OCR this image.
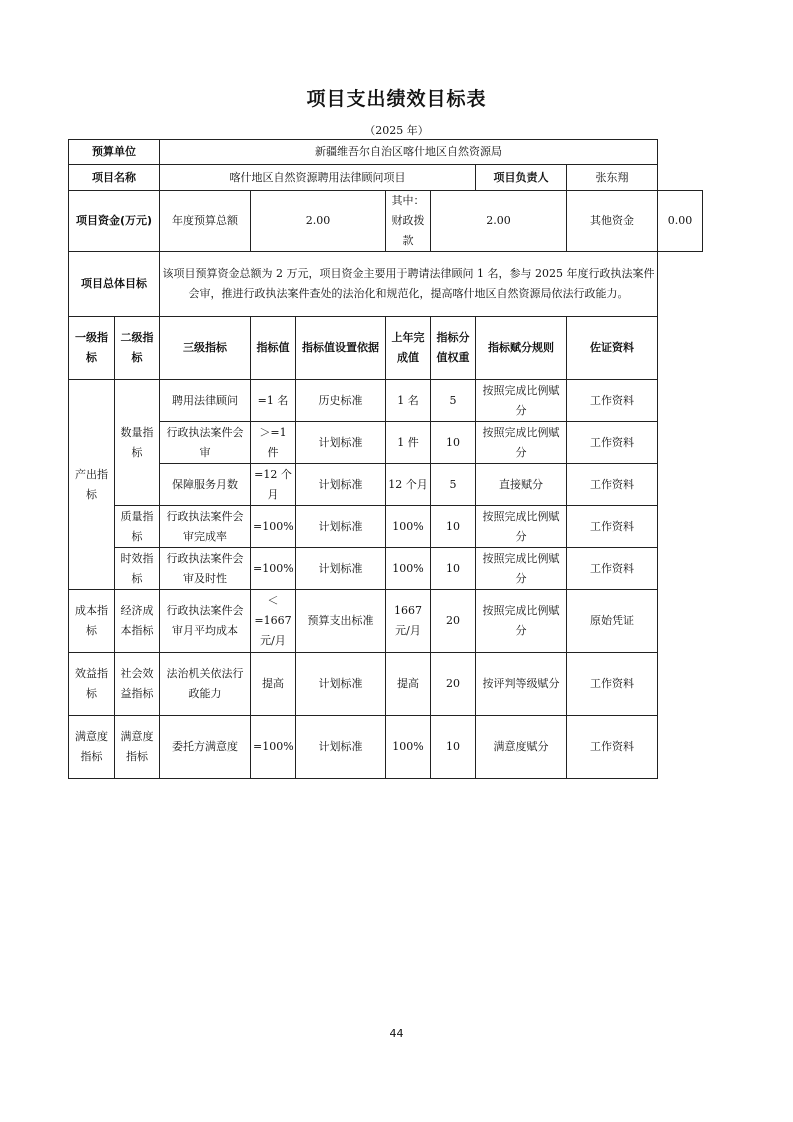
项目支出绩效目标表
（2025 年）
预算单位		新疆维吾尔自治区喀什地区自然资源局							
项目名称		喀什地区自然资源聘用法律顾问项目					项目负责人	张东翔	
项目资金(万元)		年度预算总额	2.00		其中：财政拨款	2.00		其他资金	0.00
项目总体目标		该项目预算资金总额为 2 万元，项目资金主要用于聘请法律顾问 1 名，参与 2025 年度行政执法案件会审，推进行政执法案件查处的法治化和规范化，提高喀什地区自然资源局依法行政能力。							
一级指标	二级指标	三级指标	指标值	指标值设置依据	上年完成值	指标分值权重	指标赋分规则	佐证资料	
产出指标	数量指标	聘用法律顾问	=1 名	历史标准	1 名	5	按照完成比例赋分	工作资料	
		行政执法案件会审	＞=1 件	计划标准	1 件	10	按照完成比例赋分	工作资料	
		保障服务月数	=12 个月	计划标准	12 个月	5	直接赋分	工作资料	
	质量指标	行政执法案件会审完成率	=100%	计划标准	100%	10	按照完成比例赋分	工作资料	
	时效指标	行政执法案件会审及时性	=100%	计划标准	100%	10	按照完成比例赋分	工作资料	
成本指标	经济成本指标	行政执法案件会审月平均成本	＜=1667 元/月	预算支出标准	1667 元/月	20	按照完成比例赋分	原始凭证	
效益指标	社会效益指标	法治机关依法行政能力	提高	计划标准	提高	20	按评判等级赋分	工作资料	
满意度指标	满意度指标	委托方满意度	=100%	计划标准	100%	10	满意度赋分	工作资料	
44
